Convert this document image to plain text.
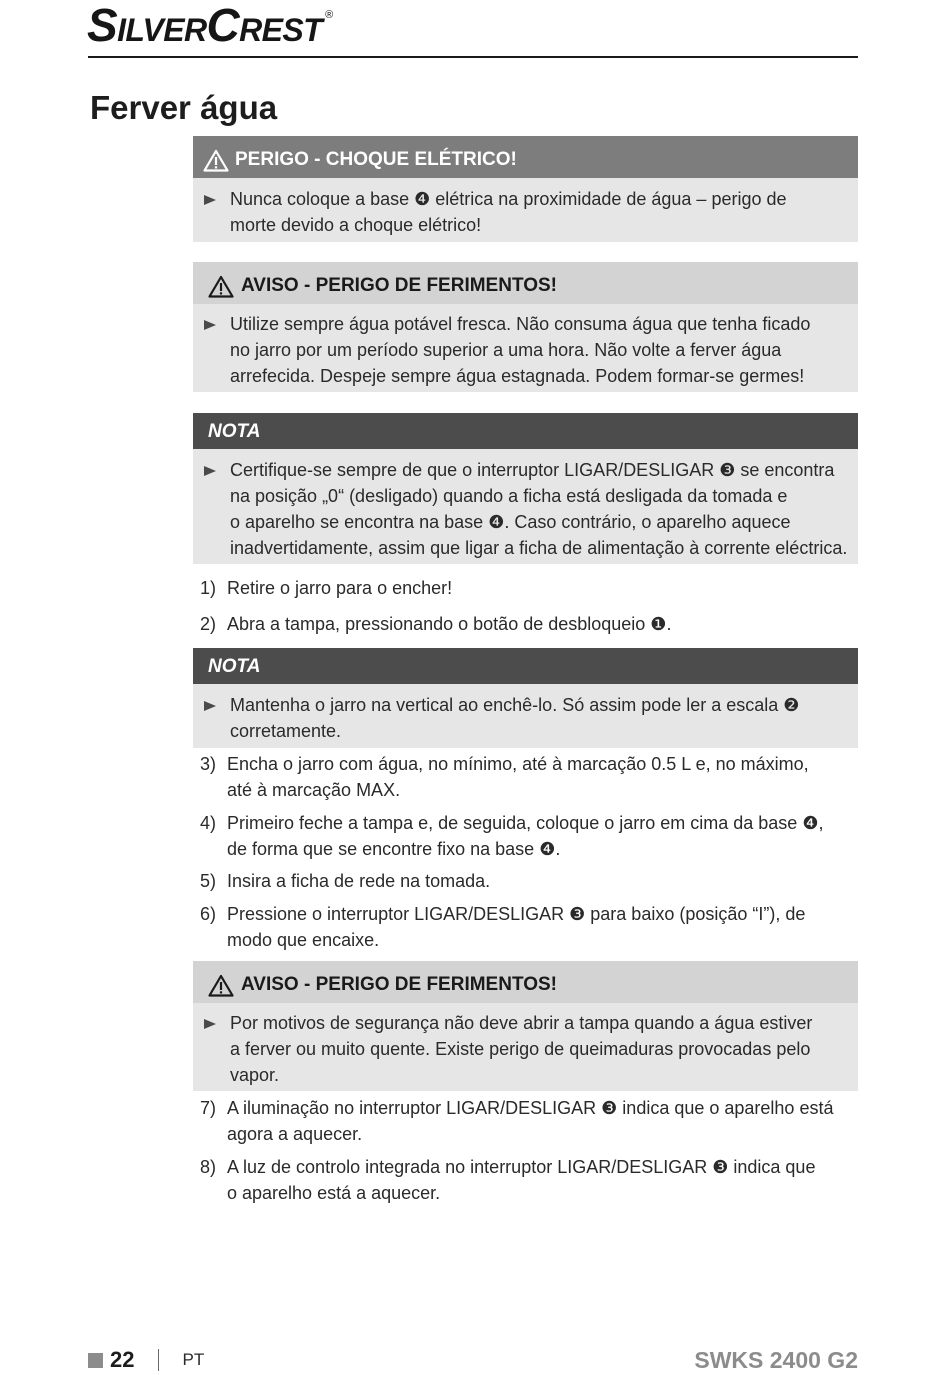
SilverCrest ®
Ferver água
PERIGO - CHOQUE ELÉTRICO!

Nunca coloque a base ❹ elétrica na proximidade de água – perigo de
morte devido a choque elétrico!

AVISO - PERIGO DE FERIMENTOS!

Utilize sempre água potável fresca. Não consuma água que tenha ficado
no jarro por um período superior a uma hora. Não volte a ferver água
arrefecida. Despeje sempre água estagnada. Podem formar-se germes!

NOTA

Certifique-se sempre de que o interruptor LIGAR/DESLIGAR ❸ se encontra
na posição „0“ (desligado) quando a ficha está desligada da tomada e
o aparelho se encontra na base ❹. Caso contrário, o aparelho aquece
inadvertidamente, assim que ligar a ficha de alimentação à corrente eléctrica.

1) Retire o jarro para o encher!
2) Abra a tampa, pressionando o botão de desbloqueio ❶.
NOTA

Mantenha o jarro na vertical ao enchê-lo. Só assim pode ler a escala ❷
corretamente.

3) Encha o jarro com água, no mínimo, até à marcação 0.5 L e, no máximo,
até à marcação MAX.
4) Primeiro feche a tampa e, de seguida, coloque o jarro em cima da base ❹,
de forma que se encontre fixo na base ❹.
5) Insira a ficha de rede na tomada.
6) Pressione o interruptor LIGAR/DESLIGAR ❸ para baixo (posição “I”), de
modo que encaixe.
AVISO - PERIGO DE FERIMENTOS!

Por motivos de segurança não deve abrir a tampa quando a água estiver
a ferver ou muito quente. Existe perigo de queimaduras provocadas pelo
vapor.

7) A iluminação no interruptor LIGAR/DESLIGAR ❸ indica que o aparelho está
agora a aquecer.
8) A luz de controlo integrada no interruptor LIGAR/DESLIGAR ❸ indica que
o aparelho está a aquecer.
22	PT	SWKS 2400 G2
